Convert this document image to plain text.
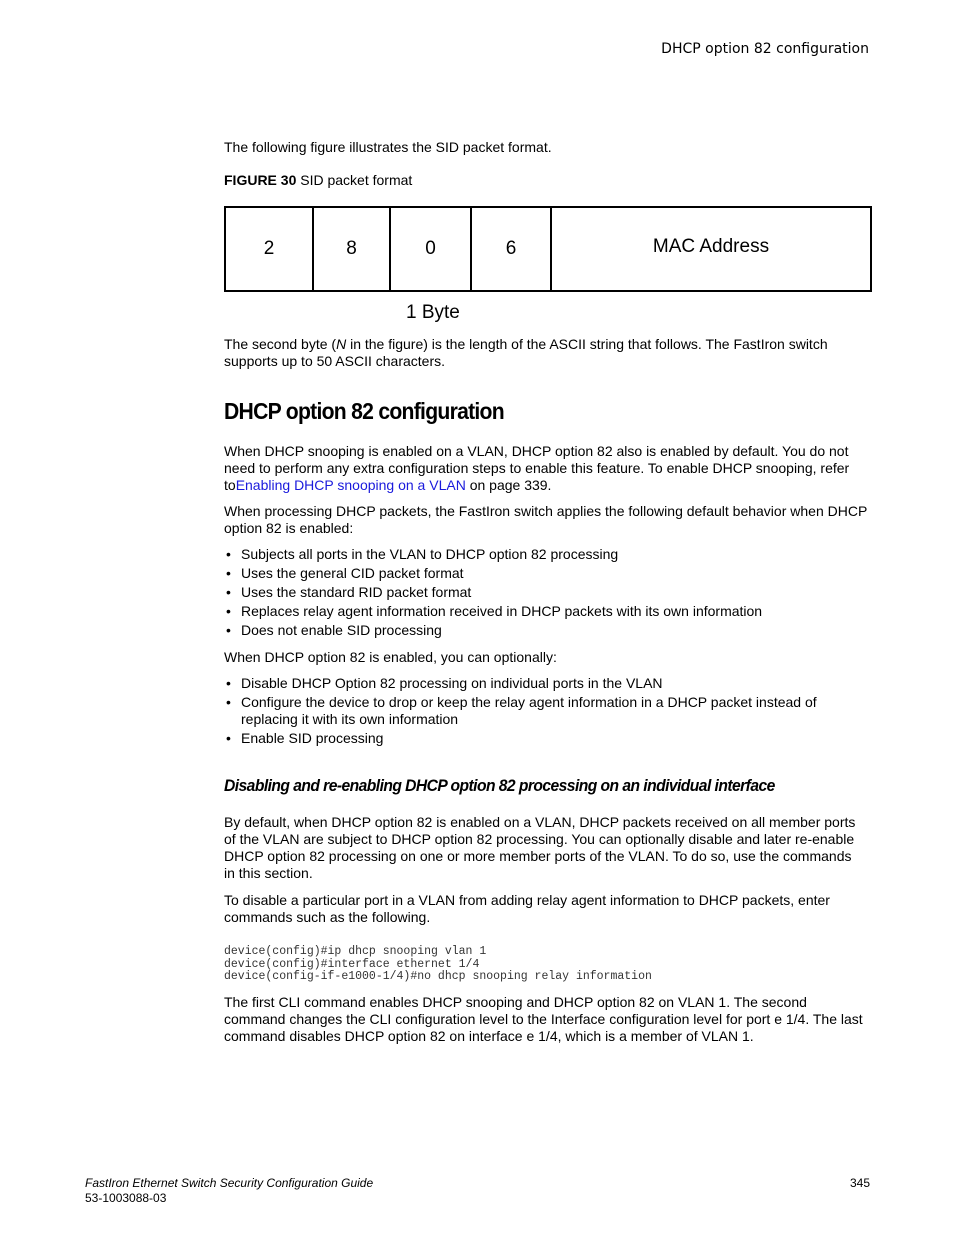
DHCP option 82 configuration
The following figure illustrates the SID packet format.
FIGURE 30 SID packet format
2	8	0	6	MAC Address
1 Byte
The second byte (N in the figure) is the length of the ASCII string that follows. The FastIron switch supports up to 50 ASCII characters.
DHCP option 82 configuration
When DHCP snooping is enabled on a VLAN, DHCP option 82 also is enabled by default. You do not need to perform any extra configuration steps to enable this feature. To enable DHCP snooping, refer toEnabling DHCP snooping on a VLAN on page 339.
When processing DHCP packets, the FastIron switch applies the following default behavior when DHCP option 82 is enabled:
• Subjects all ports in the VLAN to DHCP option 82 processing
• Uses the general CID packet format
• Uses the standard RID packet format
• Replaces relay agent information received in DHCP packets with its own information
• Does not enable SID processing
When DHCP option 82 is enabled, you can optionally:
• Disable DHCP Option 82 processing on individual ports in the VLAN
• Configure the device to drop or keep the relay agent information in a DHCP packet instead of replacing it with its own information
• Enable SID processing
Disabling and re-enabling DHCP option 82 processing on an individual interface
By default, when DHCP option 82 is enabled on a VLAN, DHCP packets received on all member ports of the VLAN are subject to DHCP option 82 processing. You can optionally disable and later re-enable DHCP option 82 processing on one or more member ports of the VLAN. To do so, use the commands in this section.
To disable a particular port in a VLAN from adding relay agent information to DHCP packets, enter commands such as the following.
device(config)#ip dhcp snooping vlan 1
device(config)#interface ethernet 1/4
device(config-if-e1000-1/4)#no dhcp snooping relay information
The first CLI command enables DHCP snooping and DHCP option 82 on VLAN 1. The second command changes the CLI configuration level to the Interface configuration level for port e 1/4. The last command disables DHCP option 82 on interface e 1/4, which is a member of VLAN 1.
FastIron Ethernet Switch Security Configuration Guide
53-1003088-03
345
